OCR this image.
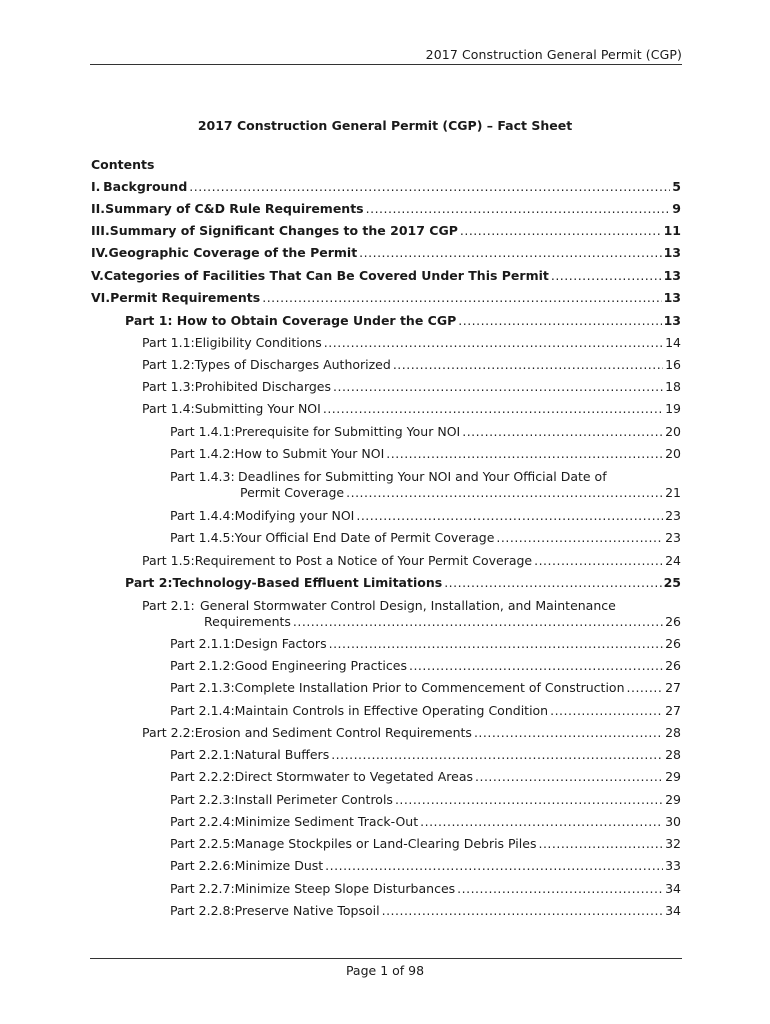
2017 Construction General Permit (CGP)
2017 Construction General Permit (CGP) – Fact Sheet
Contents
I. Background .....	5
II. Summary of C&D Rule Requirements .....	9
III. Summary of Significant Changes to the 2017 CGP .....	11
IV. Geographic Coverage of the Permit .....	13
V. Categories of Facilities That Can Be Covered Under This Permit .....	13
VI. Permit Requirements .....	13
Part 1: How to Obtain Coverage Under the CGP .....	13
Part 1.1: Eligibility Conditions .....	14
Part 1.2: Types of Discharges Authorized .....	16
Part 1.3: Prohibited Discharges .....	18
Part 1.4: Submitting Your NOI .....	19
Part 1.4.1: Prerequisite for Submitting Your NOI .....	20
Part 1.4.2: How to Submit Your NOI .....	20
Part 1.4.3: Deadlines for Submitting Your NOI and Your Official Date of
Permit Coverage .....	21
Part 1.4.4: Modifying your NOI .....	23
Part 1.4.5: Your Official End Date of Permit Coverage .....	23
Part 1.5: Requirement to Post a Notice of Your Permit Coverage .....	24
Part 2: Technology-Based Effluent Limitations .....	25
Part 2.1: General Stormwater Control Design, Installation, and Maintenance
Requirements .....	26
Part 2.1.1: Design Factors .....	26
Part 2.1.2: Good Engineering Practices .....	26
Part 2.1.3: Complete Installation Prior to Commencement of Construction .....	27
Part 2.1.4: Maintain Controls in Effective Operating Condition .....	27
Part 2.2: Erosion and Sediment Control Requirements .....	28
Part 2.2.1: Natural Buffers .....	28
Part 2.2.2: Direct Stormwater to Vegetated Areas .....	29
Part 2.2.3: Install Perimeter Controls .....	29
Part 2.2.4: Minimize Sediment Track-Out .....	30
Part 2.2.5: Manage Stockpiles or Land-Clearing Debris Piles .....	32
Part 2.2.6: Minimize Dust .....	33
Part 2.2.7: Minimize Steep Slope Disturbances .....	34
Part 2.2.8: Preserve Native Topsoil .....	34
Page 1 of 98
